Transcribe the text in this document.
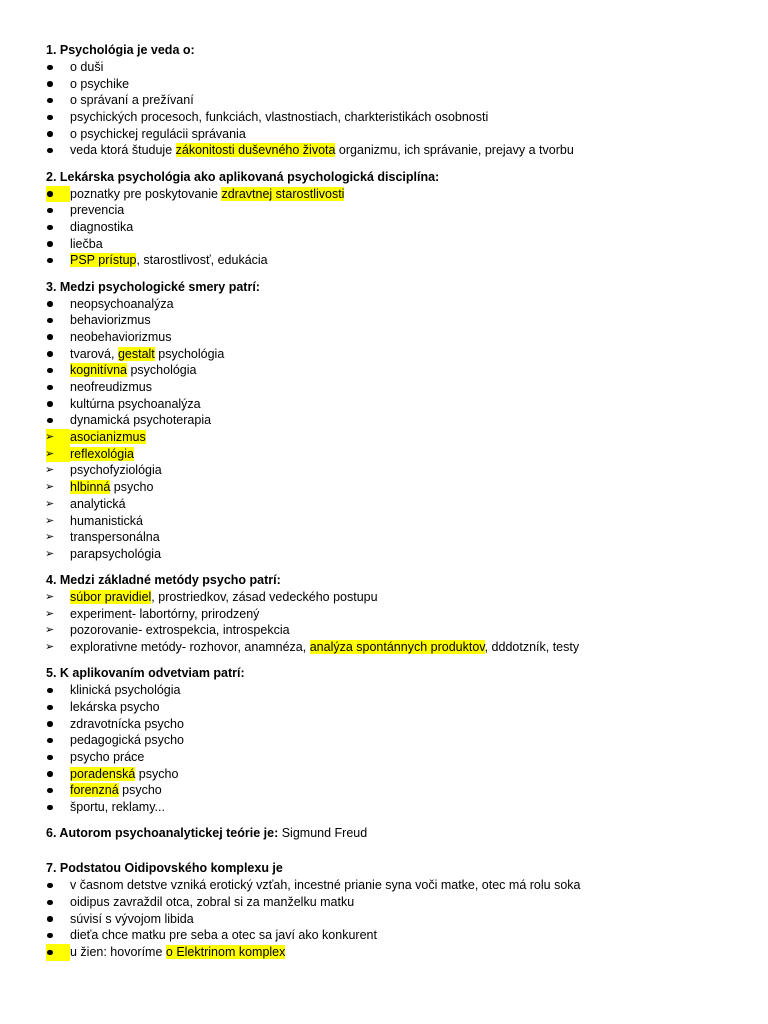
1. Psychológia je veda o:
o duši
o psychike
o správaní a prežívaní
psychických procesoch, funkciách, vlastnostiach, charkteristikách osobnosti
o psychickej regulácii správania
veda ktorá študuje zákonitosti duševného života organizmu, ich správanie, prejavy a tvorbu
2. Lekárska psychológia ako aplikovaná psychologická disciplína:
poznatky pre poskytovanie zdravtnej starostlivosti
prevencia
diagnostika
liečba
PSP prístup, starostlivosť, edukácia
3. Medzi psychologické smery patrí:
neopsychoanalýza
behaviorizmus
neobehaviorizmus
tvarová, gestalt psychológia
kognitívna psychológia
neofreudizmus
kultúrna psychoanalýza
dynamická psychoterapia
➢
asocianizmus
➢
reflexológia
➢
psychofyziológia
➢
hlbinná psycho
➢
analytická
➢
humanistická
➢
transpersonálna
➢
parapsychológia
4. Medzi základné metódy psycho patrí:
➢
súbor pravidiel, prostriedkov, zásad vedeckého postupu
➢
experiment- labortórny, prirodzený
➢
pozorovanie- extrospekcia, introspekcia
➢
explorativne metódy- rozhovor, anamnéza, analýza spontánnych produktov, dddotzník, testy
5. K aplikovaním odvetviam patrí:
klinická psychológia
lekárska psycho
zdravotnícka psycho
pedagogická psycho
psycho práce
poradenská psycho
forenzná psycho
športu, reklamy...
6. Autorom psychoanalytickej teórie je: Sigmund Freud
7. Podstatou Oidipovského komplexu je
v časnom detstve vzniká erotický vzťah, incestné prianie syna voči matke, otec má rolu soka
oidipus zavraždil otca, zobral si za manželku matku
súvisí s vývojom libida
dieťa chce matku pre seba a otec sa javí ako konkurent
u žien: hovoríme o Elektrinom komplex
